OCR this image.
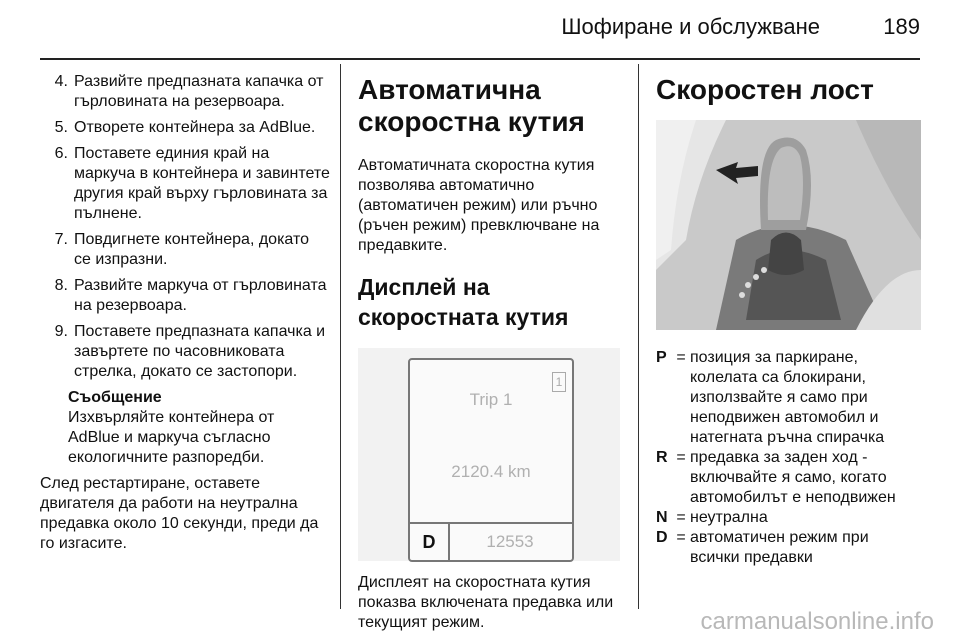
Шофиране и обслужване	189
4. Развийте предпазната капачка от гърловината на резервоара.
5. Отворете контейнера за AdBlue.
6. Поставете единия край на маркуча в контейнера и завинтете другия край върху гърловината за пълнене.
7. Повдигнете контейнера, докато се изпразни.
8. Развийте маркуча от гърловината на резервоара.
9. Поставете предпазната капачка и завъртете по часовниковата стрелка, докато се застопори.
Съобщение
Изхвърляйте контейнера от AdBlue и маркуча съгласно екологичните разпоредби.
След рестартиране, оставете двигателя да работи на неутрална предавка около 10 секунди, преди да го изгасите.
Автоматична скоростна кутия
Автоматичната скоростна кутия позволява автоматично (автоматичен режим) или ръчно (ръчен режим) превключване на предавките.
Дисплей на скоростната кутия
1
Trip 1
2120.4 km
D	12553
Дисплеят на скоростната кутия показва включената предавка или текущият режим.
Скоростен лост
P = позиция за паркиране, колелата са блокирани, използвайте я само при неподвижен автомобил и натегната ръчна спирачка
R = предавка за заден ход - включвайте я само, когато автомобилът е неподвижен
N = неутрална
D = автоматичен режим при всички предавки
carmanualsonline.info
